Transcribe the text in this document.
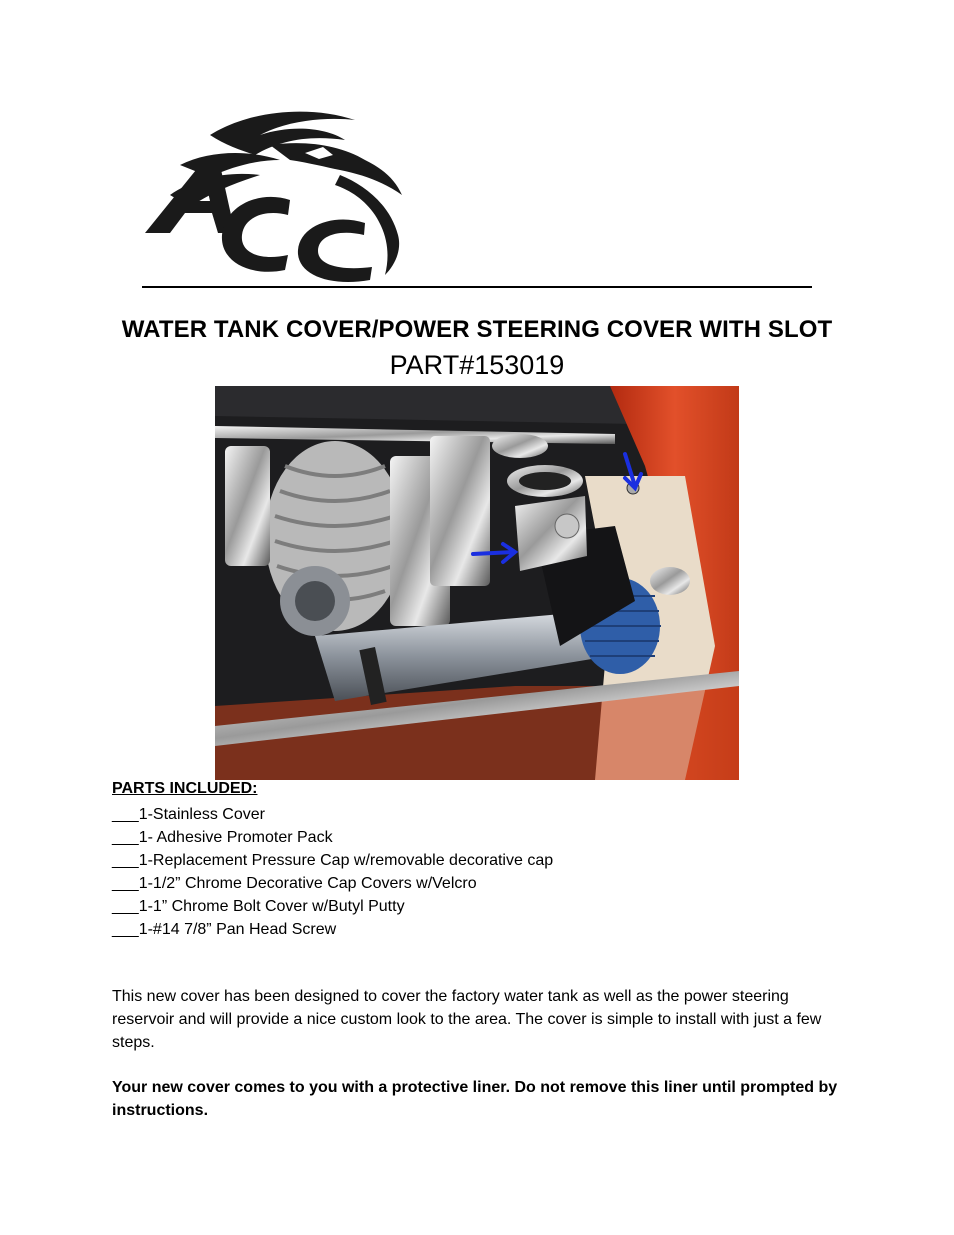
WATER TANK COVER/POWER STEERING COVER WITH SLOT
PART#153019
PARTS INCLUDED:
___1-Stainless Cover
___1- Adhesive Promoter Pack
___1-Replacement Pressure Cap w/removable decorative cap
___1-1/2” Chrome Decorative Cap Covers w/Velcro
___1-1” Chrome Bolt Cover w/Butyl Putty
___1-#14 7/8” Pan Head Screw

This new cover has been designed to cover the factory water tank as well as the power steering reservoir and will provide a nice custom look to the area. The cover is simple to install with just a few steps.

Your new cover comes to you with a protective liner. Do not remove this liner until prompted by instructions.
